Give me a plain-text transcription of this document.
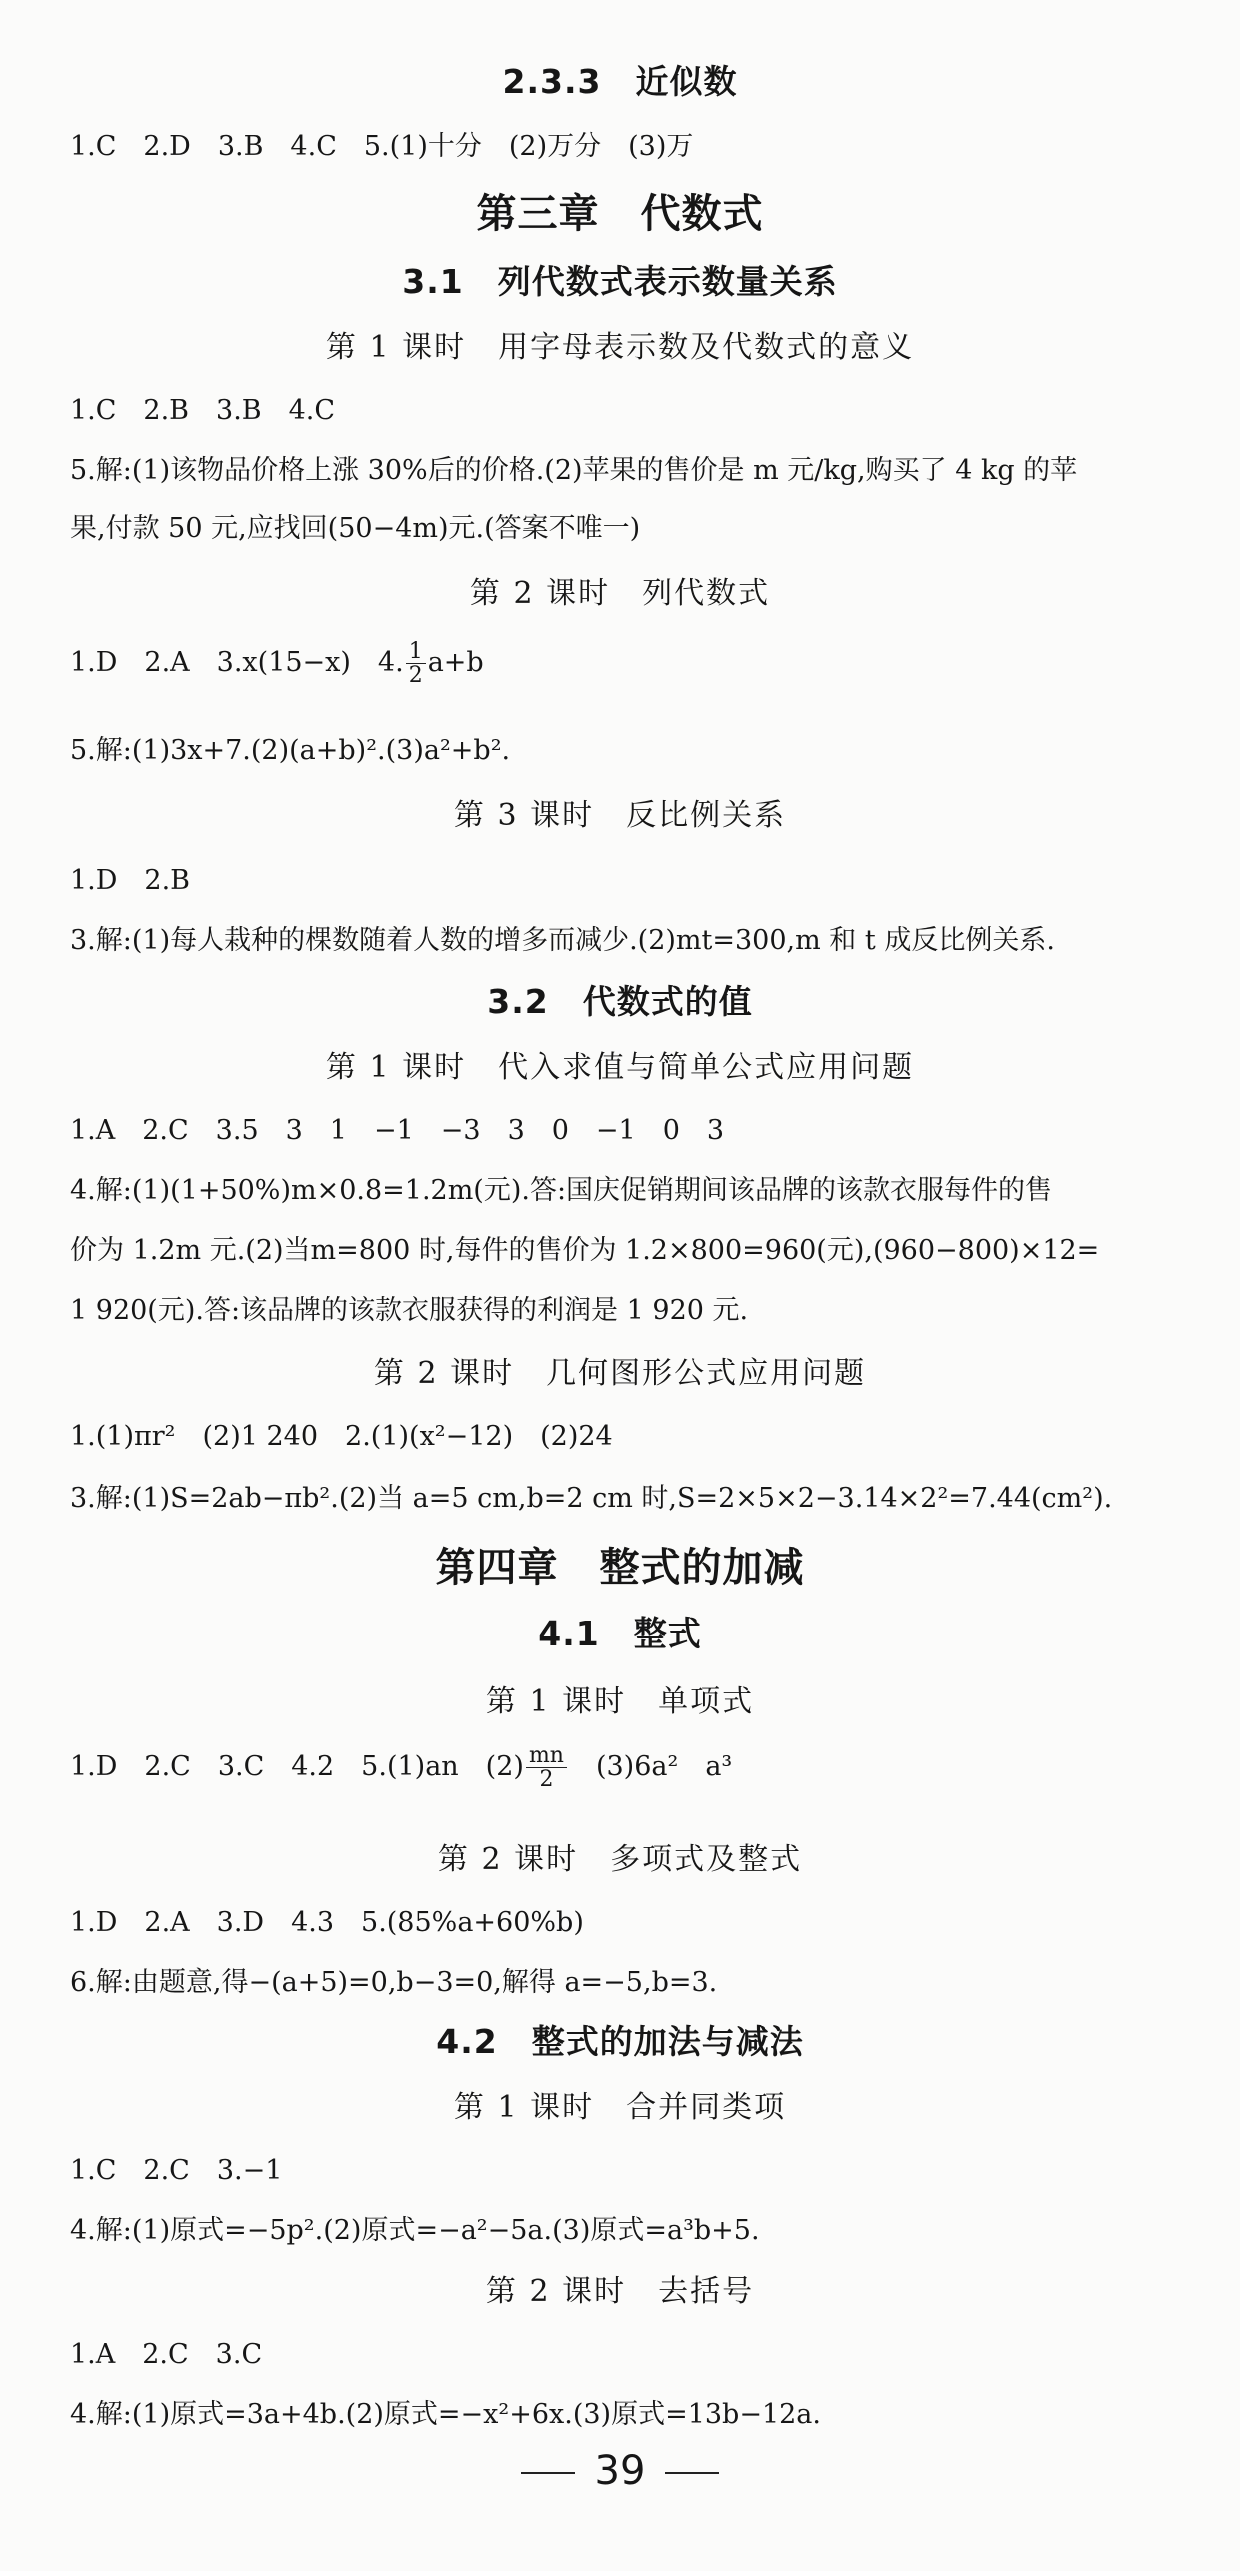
2.3.3　近似数
1.C　2.D　3.B　4.C　5.(1)十分　(2)万分　(3)万
第三章　代数式
3.1　列代数式表示数量关系
第 1 课时　用字母表示数及代数式的意义
1.C　2.B　3.B　4.C
5.解:(1)该物品价格上涨 30%后的价格.(2)苹果的售价是 m 元/kg,购买了 4 kg 的苹
果,付款 50 元,应找回(50−4m)元.(答案不唯一)
第 2 课时　列代数式
1.D　2.A　3.x(15−x)　4. $\frac{1}{2} a+b$
5.解:(1)3x+7.(2)(a+b)².(3)a²+b².
第 3 课时　反比例关系
1.D　2.B
3.解:(1)每人栽种的棵数随着人数的增多而减少.(2)mt=300,m 和 t 成反比例关系.
3.2　代数式的值
第 1 课时　代入求值与简单公式应用问题
1.A　2.C　3.5　3　1　−1　−3　3　0　−1　0　3
4.解:(1)(1+50%)m×0.8=1.2m(元).答:国庆促销期间该品牌的该款衣服每件的售
价为 1.2m 元.(2)当m=800 时,每件的售价为 1.2×800=960(元),(960−800)×12=
1 920(元).答:该品牌的该款衣服获得的利润是 1 920 元.
第 2 课时　几何图形公式应用问题
1.(1)πr²　(2)1 240　2.(1)(x²−12)　(2)24
3.解:(1)S=2ab−πb².(2)当 a=5 cm,b=2 cm 时,S=2×5×2−3.14×2²=7.44(cm²).
第四章　整式的加减
4.1　整式
第 1 课时　单项式
1.D　2.C　3.C　4.2　5.(1)an　$(2) \frac{mn}{2}$ 　(3)6a²　a³
第 2 课时　多项式及整式
1.D　2.A　3.D　4.3　5.(85%a+60%b)
6.解:由题意,得−(a+5)=0,b−3=0,解得 a=−5,b=3.
4.2　整式的加法与减法
第 1 课时　合并同类项
1.C　2.C　3.−1
4.解:(1)原式=−5p².(2)原式=−a²−5a.(3)原式=a³b+5.
第 2 课时　去括号
1.A　2.C　3.C
4.解:(1)原式=3a+4b.(2)原式=−x²+6x.(3)原式=13b−12a.
39
